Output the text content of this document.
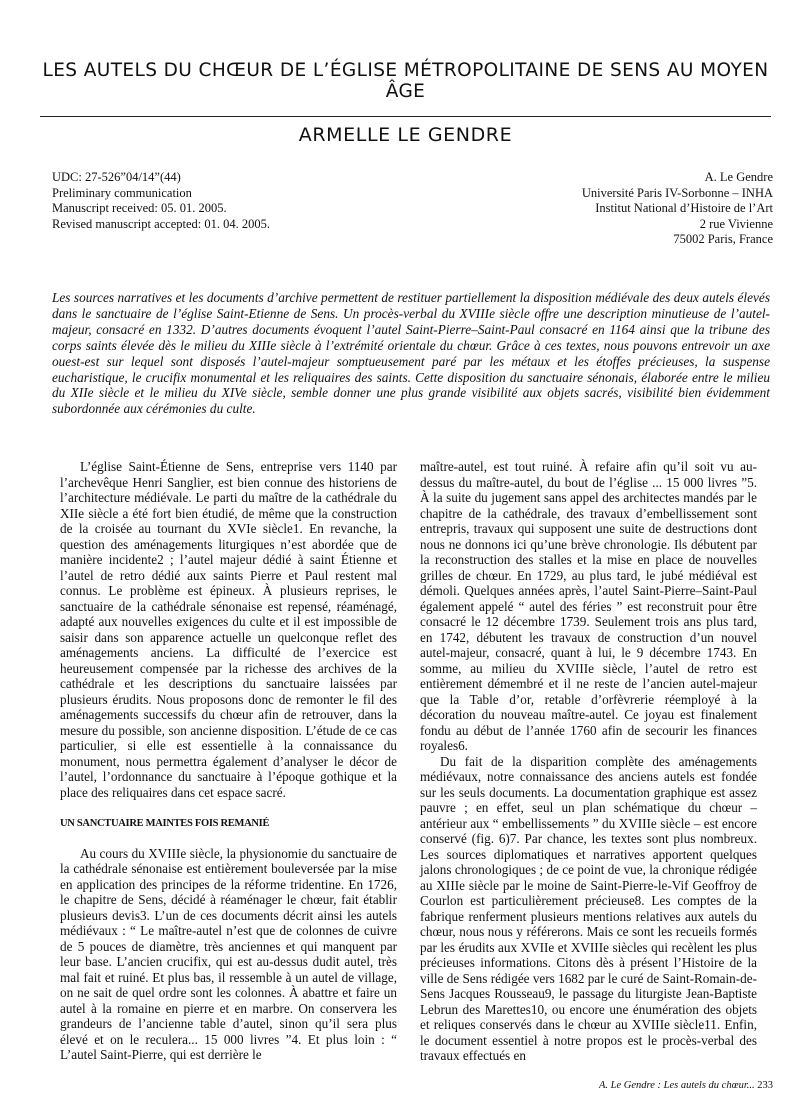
LES AUTELS DU CHŒUR DE L’ÉGLISE MÉTROPOLITAINE DE SENS AU MOYEN ÂGE
ARMELLE LE GENDRE
UDC: 27-526”04/14”(44)
Preliminary communication
Manuscript received: 05. 01. 2005.
Revised manuscript accepted: 01. 04. 2005.
A. Le Gendre
Université Paris IV-Sorbonne – INHA
Institut National d’Histoire de l’Art
2 rue Vivienne
75002 Paris, France
Les sources narratives et les documents d’archive permettent de restituer partiellement la disposition médiévale des deux autels élevés dans le sanctuaire de l’église Saint-Etienne de Sens. Un procès-verbal du XVIIIe siècle offre une description minutieuse de l’autel-majeur, consacré en 1332. D’autres documents évoquent l’autel Saint-Pierre–Saint-Paul consacré en 1164 ainsi que la tribune des corps saints élevée dès le milieu du XIIIe siècle à l’extrémité orientale du chœur. Grâce à ces textes, nous pouvons entrevoir un axe ouest-est sur lequel sont disposés l’autel-majeur somptueusement paré par les métaux et les étoffes précieuses, la suspense eucharistique, le crucifix monumental et les reliquaires des saints. Cette disposition du sanctuaire sénonais, élaborée entre le milieu du XIIe siècle et le milieu du XIVe siècle, semble donner une plus grande visibilité aux objets sacrés, visibilité bien évidemment subordonnée aux cérémonies du culte.

L’église Saint-Étienne de Sens, entreprise vers 1140 par l’archevêque Henri Sanglier, est bien connue des historiens de l’architecture médiévale. Le parti du maître de la cathédrale du XIIe siècle a été fort bien étudié, de même que la construction de la croisée au tournant du XVIe siècle1. En revanche, la question des aménagements liturgiques n’est abordée que de manière incidente2 ; l’autel majeur dédié à saint Étienne et l’autel de retro dédié aux saints Pierre et Paul restent mal connus. Le problème est épineux. À plusieurs reprises, le sanctuaire de la cathédrale sénonaise est repensé, réaménagé, adapté aux nouvelles exigences du culte et il est impossible de saisir dans son apparence actuelle un quelconque reflet des aménagements anciens. La difficulté de l’exercice est heureusement compensée par la richesse des archives de la cathédrale et les descriptions du sanctuaire laissées par plusieurs érudits. Nous proposons donc de remonter le fil des aménagements successifs du chœur afin de retrouver, dans la mesure du possible, son ancienne disposition. L’étude de ce cas particulier, si elle est essentielle à la connaissance du monument, nous permettra également d’analyser le décor de l’autel, l’ordonnance du sanctuaire à l’époque gothique et la place des reliquaires dans cet espace sacré.

UN SANCTUAIRE MAINTES FOIS REMANIÉ

Au cours du XVIIIe siècle, la physionomie du sanctuaire de la cathédrale sénonaise est entièrement bouleversée par la mise en application des principes de la réforme tridentine. En 1726, le chapitre de Sens, décidé à réaménager le chœur, fait établir plusieurs devis3. L’un de ces documents décrit ainsi les autels médiévaux : “ Le maître-autel n’est que de colonnes de cuivre de 5 pouces de diamètre, très anciennes et qui manquent par leur base. L’ancien crucifix, qui est au-dessus dudit autel, très mal fait et ruiné. Et plus bas, il ressemble à un autel de village, on ne sait de quel ordre sont les colonnes. À abattre et faire un autel à la romaine en pierre et en marbre. On conservera les grandeurs de l’ancienne table d’autel, sinon qu’il sera plus élevé et on le reculera... 15 000 livres ”4. Et plus loin : “ L’autel Saint-Pierre, qui est derrière le

maître-autel, est tout ruiné. À refaire afin qu’il soit vu au-dessus du maître-autel, du bout de l’église ... 15 000 livres ”5. À la suite du jugement sans appel des architectes mandés par le chapitre de la cathédrale, des travaux d’embellissement sont entrepris, travaux qui supposent une suite de destructions dont nous ne donnons ici qu’une brève chronologie. Ils débutent par la reconstruction des stalles et la mise en place de nouvelles grilles de chœur. En 1729, au plus tard, le jubé médiéval est démoli. Quelques années après, l’autel Saint-Pierre–Saint-Paul également appelé “ autel des féries ” est reconstruit pour être consacré le 12 décembre 1739. Seulement trois ans plus tard, en 1742, débutent les travaux de construction d’un nouvel autel-majeur, consacré, quant à lui, le 9 décembre 1743. En somme, au milieu du XVIIIe siècle, l’autel de retro est entièrement démembré et il ne reste de l’ancien autel-majeur que la Table d’or, retable d’orfèvrerie réemployé à la décoration du nouveau maître-autel. Ce joyau est finalement fondu au début de l’année 1760 afin de secourir les finances royales6.

Du fait de la disparition complète des aménagements médiévaux, notre connaissance des anciens autels est fondée sur les seuls documents. La documentation graphique est assez pauvre ; en effet, seul un plan schématique du chœur – antérieur aux “ embellissements ” du XVIIIe siècle – est encore conservé (fig. 6)7. Par chance, les textes sont plus nombreux. Les sources diplomatiques et narratives apportent quelques jalons chronologiques ; de ce point de vue, la chronique rédigée au XIIIe siècle par le moine de Saint-Pierre-le-Vif Geoffroy de Courlon est particulièrement précieuse8. Les comptes de la fabrique renferment plusieurs mentions relatives aux autels du chœur, nous nous y référerons. Mais ce sont les recueils formés par les érudits aux XVIIe et XVIIIe siècles qui recèlent les plus précieuses informations. Citons dès à présent l’Histoire de la ville de Sens rédigée vers 1682 par le curé de Saint-Romain-de-Sens Jacques Rousseau9, le passage du liturgiste Jean-Baptiste Lebrun des Marettes10, ou encore une énumération des objets et reliques conservés dans le chœur au XVIIIe siècle11. Enfin, le document essentiel à notre propos est le procès-verbal des travaux effectués en

A. Le Gendre : Les autels du chœur... 233
